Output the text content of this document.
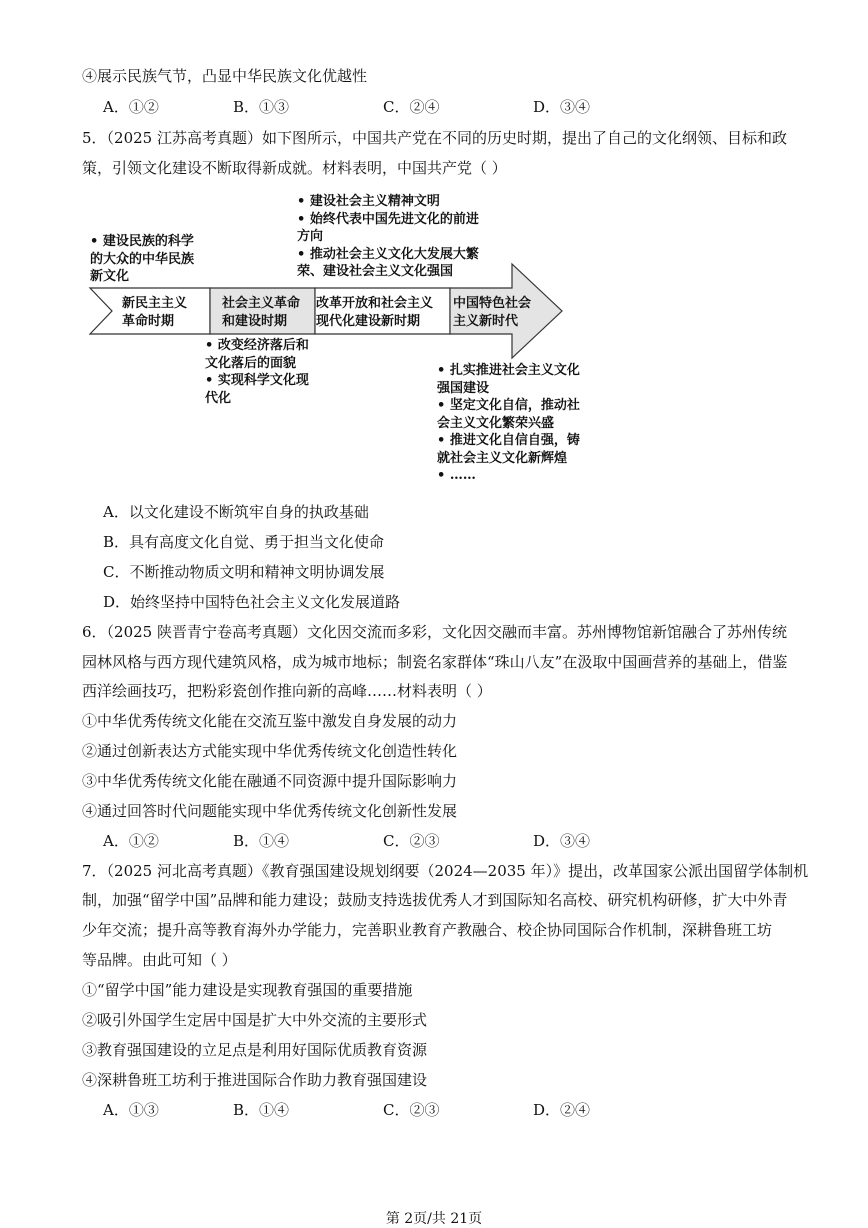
④展示民族气节，凸显中华民族文化优越性
A．①②	B．①③	C．②④	D．③④
5．（2025 江苏高考真题）如下图所示，中国共产党在不同的历史时期，提出了自己的文化纲领、目标和政
策，引领文化建设不断取得新成就。材料表明，中国共产党（ ）
• 建设民族的科学
的大众的中华民族
新文化
• 建设社会主义精神文明
• 始终代表中国先进文化的前进
方向
• 推动社会主义文化大发展大繁
荣、建设社会主义文化强国
新民主主义
革命时期
社会主义革命
和建设时期
改革开放和社会主义
现代化建设新时期
中国特色社会
主义新时代
• 改变经济落后和
文化落后的面貌
• 实现科学文化现
代化
• 扎实推进社会主义文化
强国建设
• 坚定文化自信，推动社
会主义文化繁荣兴盛
• 推进文化自信自强，铸
就社会主义文化新辉煌
• ……
A．以文化建设不断筑牢自身的执政基础
B．具有高度文化自觉、勇于担当文化使命
C．不断推动物质文明和精神文明协调发展
D．始终坚持中国特色社会主义文化发展道路
6．（2025 陕晋青宁卷高考真题）文化因交流而多彩，文化因交融而丰富。苏州博物馆新馆融合了苏州传统
园林风格与西方现代建筑风格，成为城市地标；制瓷名家群体“珠山八友”在汲取中国画营养的基础上，借鉴
西洋绘画技巧，把粉彩瓷创作推向新的高峰……材料表明（ ）
①中华优秀传统文化能在交流互鉴中激发自身发展的动力
②通过创新表达方式能实现中华优秀传统文化创造性转化
③中华优秀传统文化能在融通不同资源中提升国际影响力
④通过回答时代问题能实现中华优秀传统文化创新性发展
A．①②	B．①④	C．②③	D．③④
7．（2025 河北高考真题）《教育强国建设规划纲要（2024—2035 年）》提出，改革国家公派出国留学体制机
制，加强“留学中国”品牌和能力建设；鼓励支持选拔优秀人才到国际知名高校、研究机构研修，扩大中外青
少年交流；提升高等教育海外办学能力，完善职业教育产教融合、校企协同国际合作机制，深耕鲁班工坊
等品牌。由此可知（ ）
①“留学中国”能力建设是实现教育强国的重要措施
②吸引外国学生定居中国是扩大中外交流的主要形式
③教育强国建设的立足点是利用好国际优质教育资源
④深耕鲁班工坊利于推进国际合作助力教育强国建设
A．①③	B．①④	C．②③	D．②④
第 2页/共 21页
